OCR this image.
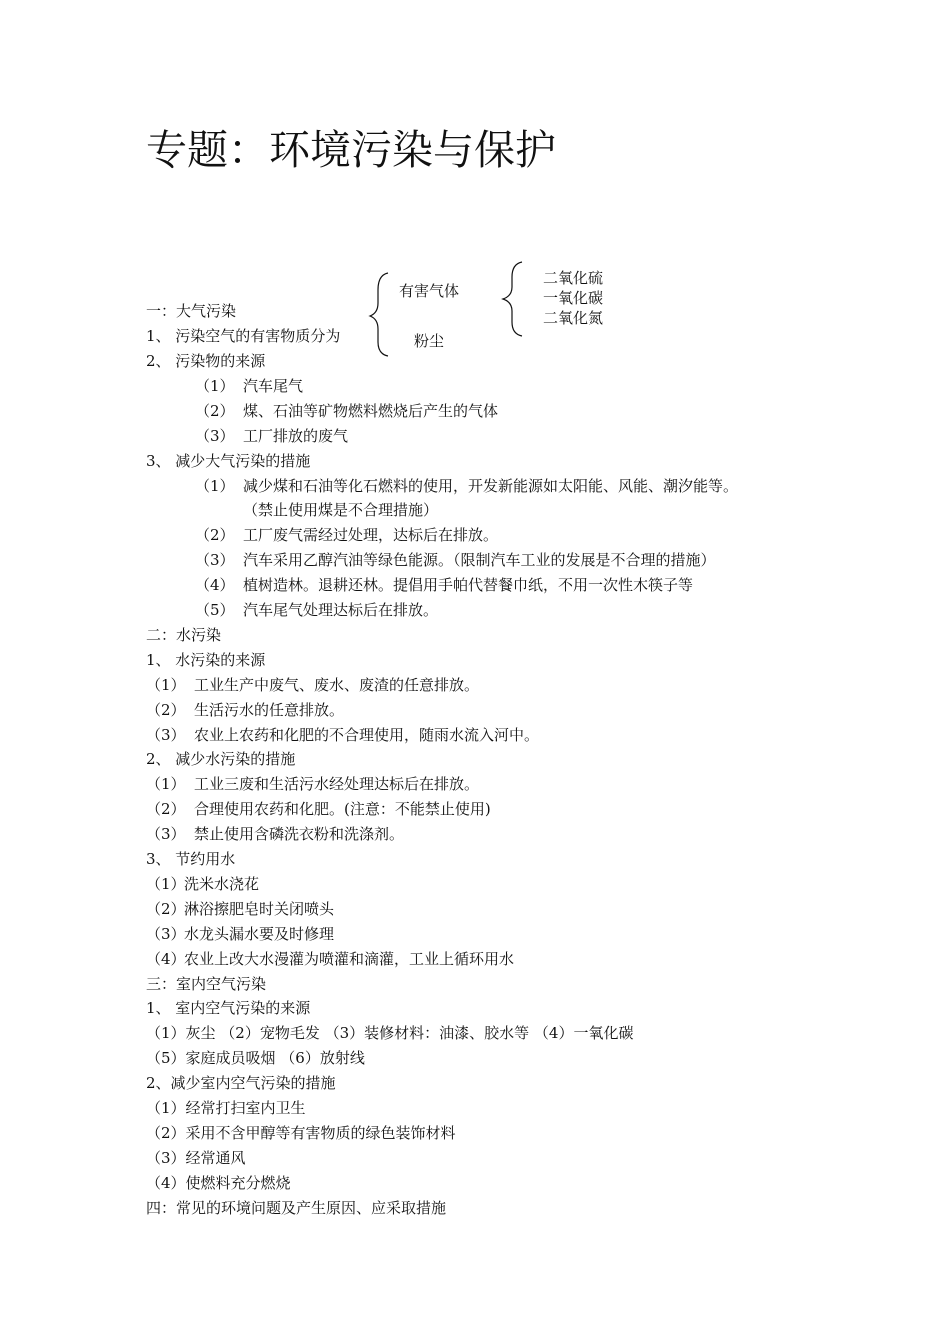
专题：环境污染与保护
有害气体
粉尘
二氧化硫
一氧化碳
二氧化氮
一：大气污染
1、 污染空气的有害物质分为
2、 污染物的来源
（1） 汽车尾气
（2） 煤、石油等矿物燃料燃烧后产生的气体
（3） 工厂排放的废气
3、 减少大气污染的措施
（1） 减少煤和石油等化石燃料的使用，开发新能源如太阳能、风能、潮汐能等。
（禁止使用煤是不合理措施）
（2） 工厂废气需经过处理，达标后在排放。
（3） 汽车采用乙醇汽油等绿色能源。（限制汽车工业的发展是不合理的措施）
（4） 植树造林。退耕还林。提倡用手帕代替餐巾纸，不用一次性木筷子等
（5） 汽车尾气处理达标后在排放。
二：水污染
1、 水污染的来源
（1） 工业生产中废气、废水、废渣的任意排放。
（2） 生活污水的任意排放。
（3） 农业上农药和化肥的不合理使用，随雨水流入河中。
2、 减少水污染的措施
（1） 工业三废和生活污水经处理达标后在排放。
（2） 合理使用农药和化肥。(注意：不能禁止使用)
（3） 禁止使用含磷洗衣粉和洗涤剂。
3、 节约用水
（1）洗米水浇花
（2）淋浴擦肥皂时关闭喷头
（3）水龙头漏水要及时修理
（4）农业上改大水漫灌为喷灌和滴灌，工业上循环用水
三：室内空气污染
1、 室内空气污染的来源
（1）灰尘 （2）宠物毛发 （3）装修材料：油漆、胶水等 （4）一氧化碳
（5）家庭成员吸烟 （6）放射线
2、减少室内空气污染的措施
（1）经常打扫室内卫生
（2）采用不含甲醇等有害物质的绿色装饰材料
（3）经常通风
（4）使燃料充分燃烧
四：常见的环境问题及产生原因、应采取措施
